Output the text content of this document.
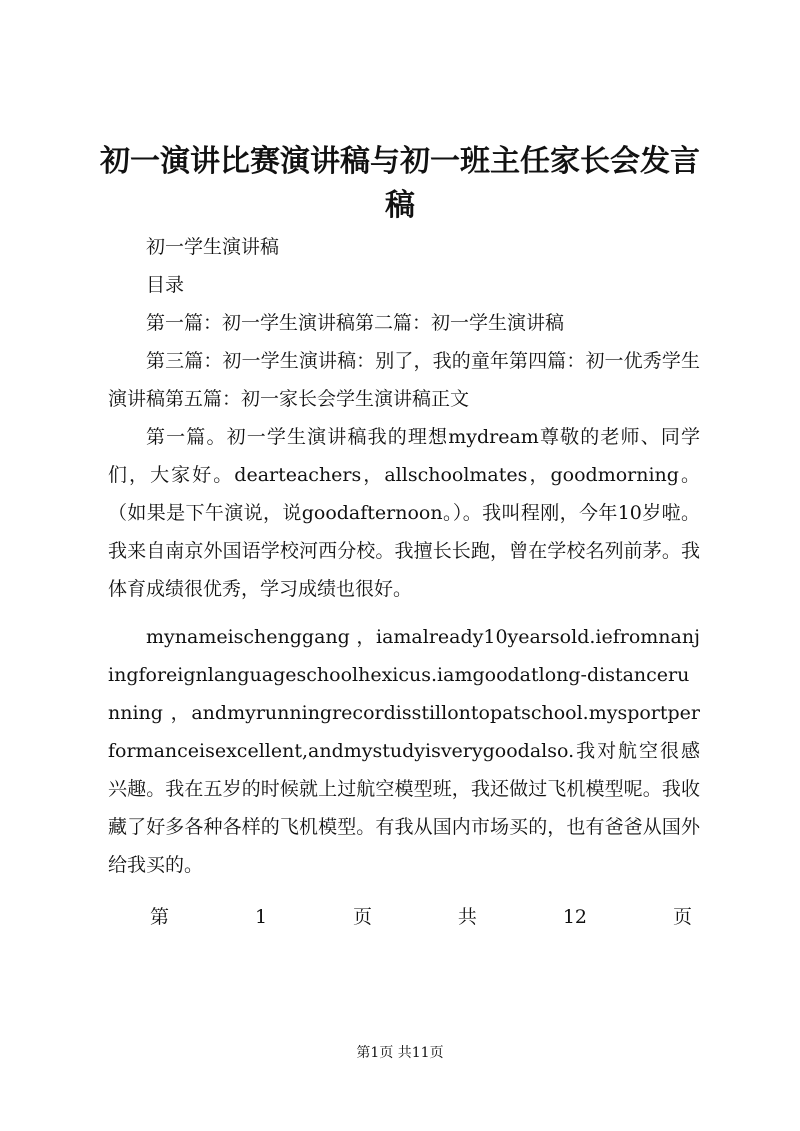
初一演讲比赛演讲稿与初一班主任家长会发言稿

初一学生演讲稿

目录

第一篇：初一学生演讲稿第二篇：初一学生演讲稿

第三篇：初一学生演讲稿：别了，我的童年第四篇：初一优秀学生演讲稿第五篇：初一家长会学生演讲稿正文

第一篇。初一学生演讲稿我的理想mydream尊敬的老师、同学们，大家好。dearteachers，allschoolmates，goodmorning。（如果是下午演说，说goodafternoon。）。我叫程刚，今年10岁啦。我来自南京外国语学校河西分校。我擅长长跑，曾在学校名列前茅。我体育成绩很优秀，学习成绩也很好。

mynameischenggang ，iamalready10yearsold.iefromnanjingforeignlanguageschoolhexicus.iamgoodatlong-distancerunning ，andmyrunningrecordisstillontopatschool.mysportperformanceisexcellent,andmystudyisverygoodalso.我对航空很感兴趣。我在五岁的时候就上过航空模型班，我还做过飞机模型呢。我收藏了好多各种各样的飞机模型。有我从国内市场买的，也有爸爸从国外给我买的。

第	1	页	共	12	页
第1页 共11页
